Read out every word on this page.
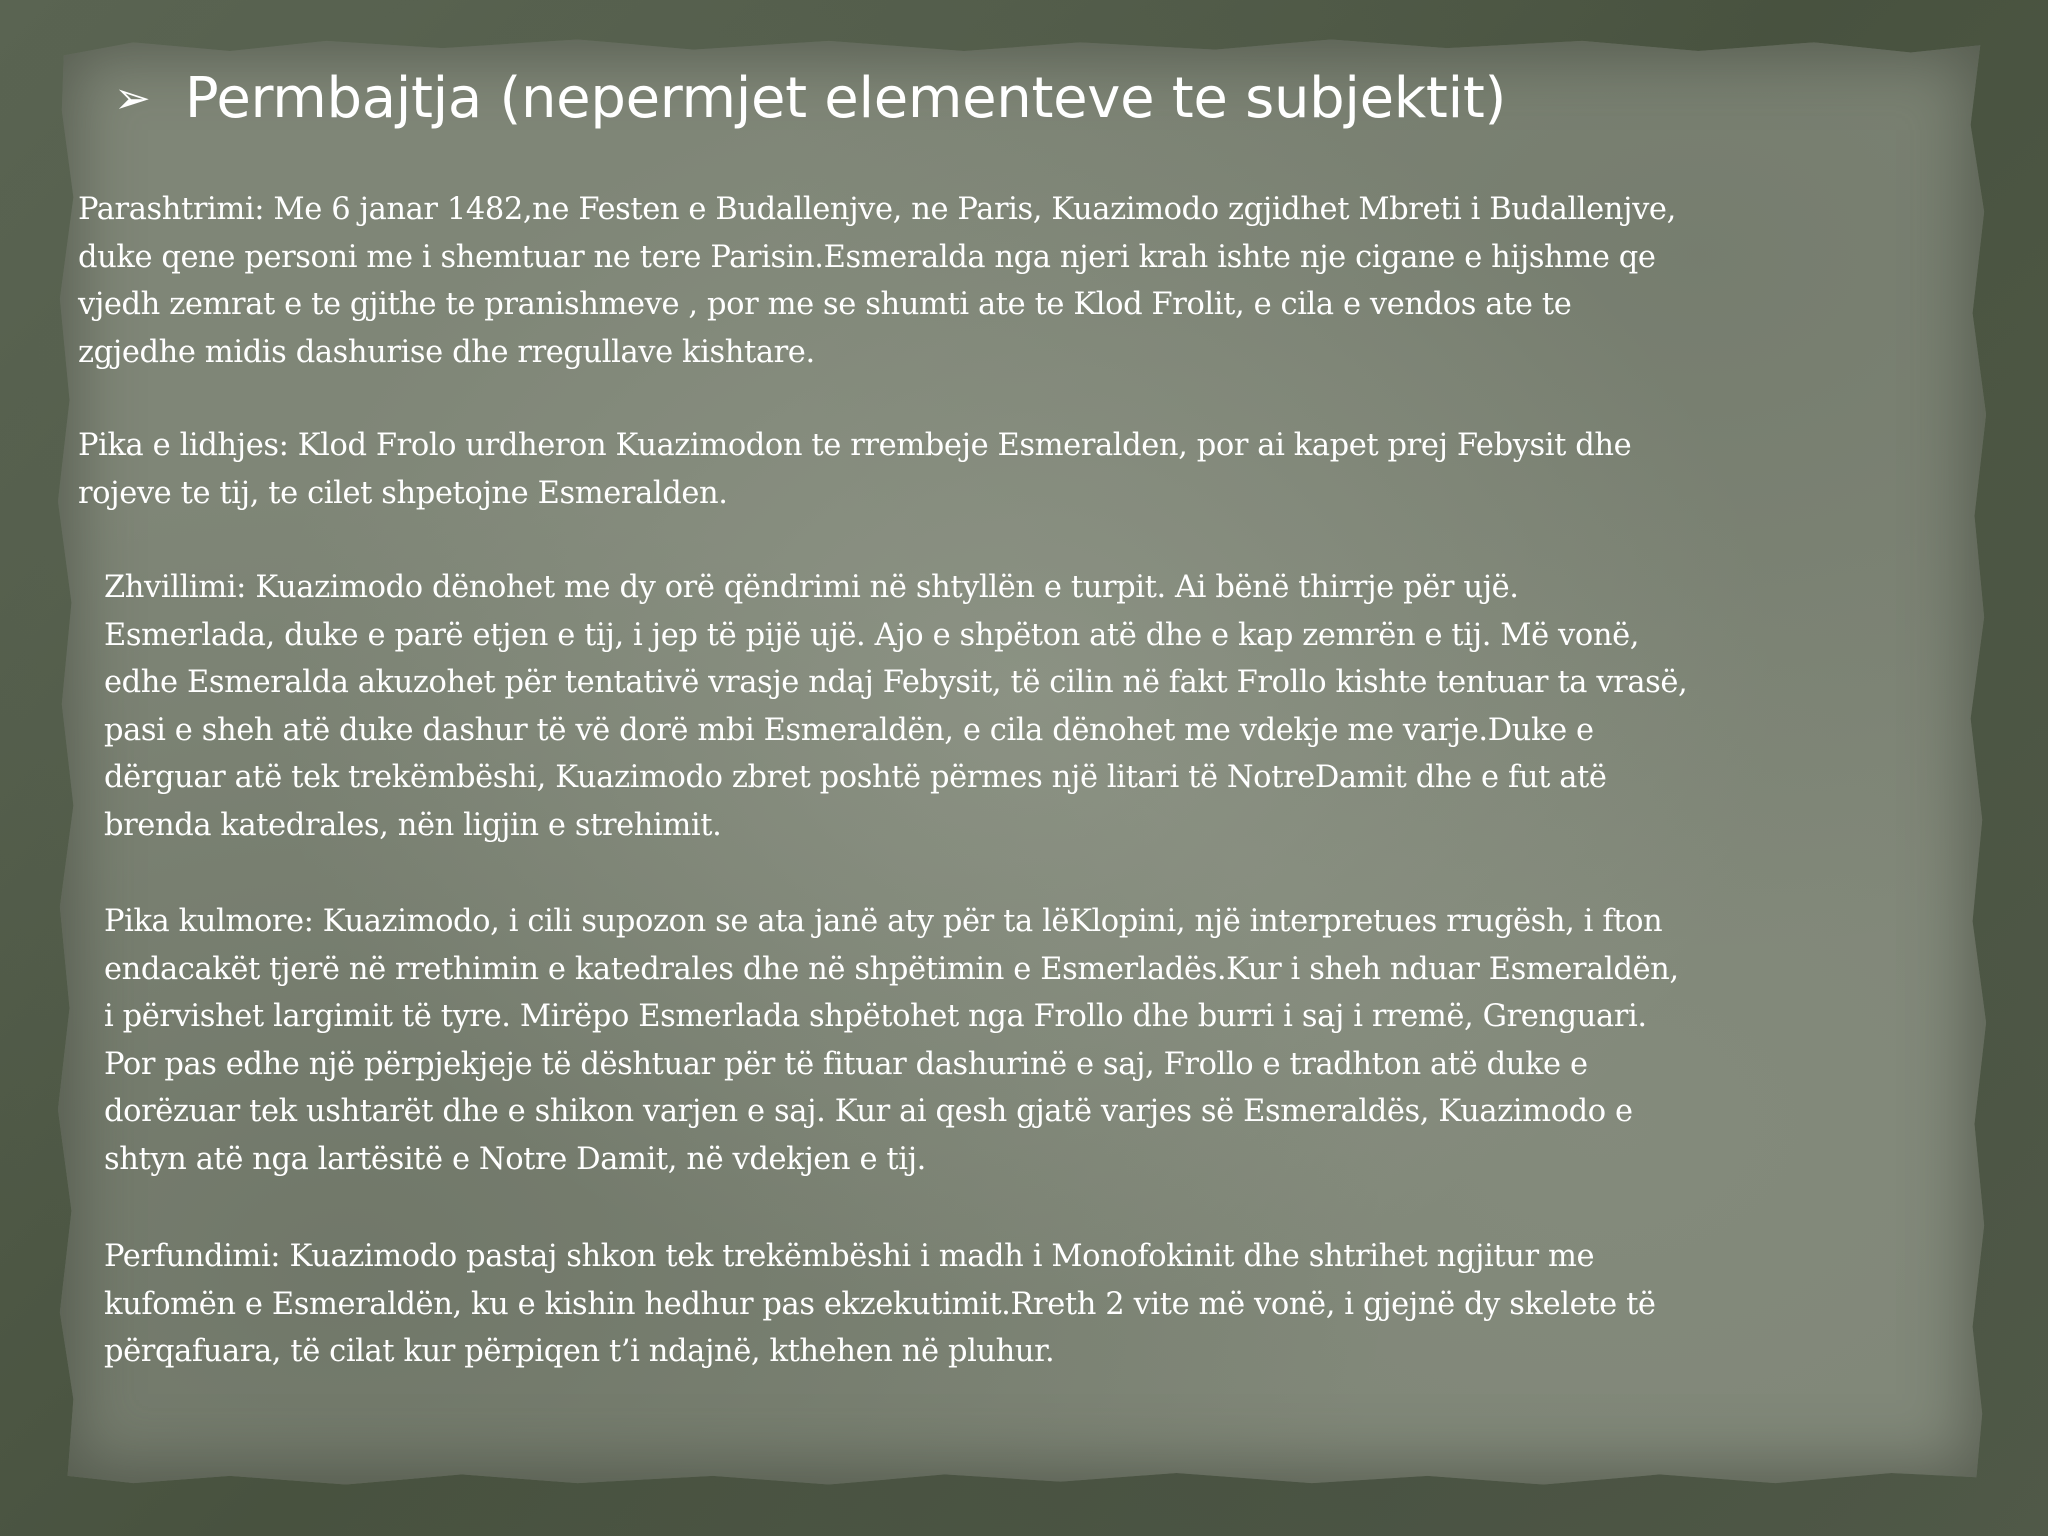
➢ Permbajtja (nepermjet elementeve te subjektit)

Parashtrimi: Me 6 janar 1482,ne Festen e Budallenjve, ne Paris, Kuazimodo zgjidhet Mbreti i Budallenjve,
duke qene personi me i shemtuar ne tere Parisin.Esmeralda nga njeri krah ishte nje cigane e hijshme qe
vjedh zemrat e te gjithe te pranishmeve , por me se shumti ate te Klod Frolit, e cila e vendos ate te
zgjedhe midis dashurise dhe rregullave kishtare.

Pika e lidhjes: Klod Frolo urdheron Kuazimodon te rrembeje Esmeralden, por ai kapet prej Febysit dhe
rojeve te tij, te cilet shpetojne Esmeralden.

Zhvillimi: Kuazimodo dënohet me dy orë qëndrimi në shtyllën e turpit. Ai bënë thirrje për ujë.
Esmerlada, duke e parë etjen e tij, i jep të pijë ujë. Ajo e shpëton atë dhe e kap zemrën e tij. Më vonë,
edhe Esmeralda akuzohet për tentativë vrasje ndaj Febysit, të cilin në fakt Frollo kishte tentuar ta vrasë,
pasi e sheh atë duke dashur të vë dorë mbi Esmeraldën, e cila dënohet me vdekje me varje.Duke e
dërguar atë tek trekëmbëshi, Kuazimodo zbret poshtë përmes një litari të NotreDamit dhe e fut atë
brenda katedrales, nën ligjin e strehimit.

Pika kulmore: Kuazimodo, i cili supozon se ata janë aty për ta lëKlopini, një interpretues rrugësh, i fton
endacakët tjerë në rrethimin e katedrales dhe në shpëtimin e Esmerladës.Kur i sheh nduar Esmeraldën,
i përvishet largimit të tyre. Mirëpo Esmerlada shpëtohet nga Frollo dhe burri i saj i rremë, Grenguari.
Por pas edhe një përpjekjeje të dështuar për të fituar dashurinë e saj, Frollo e tradhton atë duke e
dorëzuar tek ushtarët dhe e shikon varjen e saj. Kur ai qesh gjatë varjes së Esmeraldës, Kuazimodo e
shtyn atë nga lartësitë e Notre Damit, në vdekjen e tij.

Perfundimi: Kuazimodo pastaj shkon tek trekëmbëshi i madh i Monofokinit dhe shtrihet ngjitur me
kufomën e Esmeraldën, ku e kishin hedhur pas ekzekutimit.Rreth 2 vite më vonë, i gjejnë dy skelete të
përqafuara, të cilat kur përpiqen t’i ndajnë, kthehen në pluhur.
